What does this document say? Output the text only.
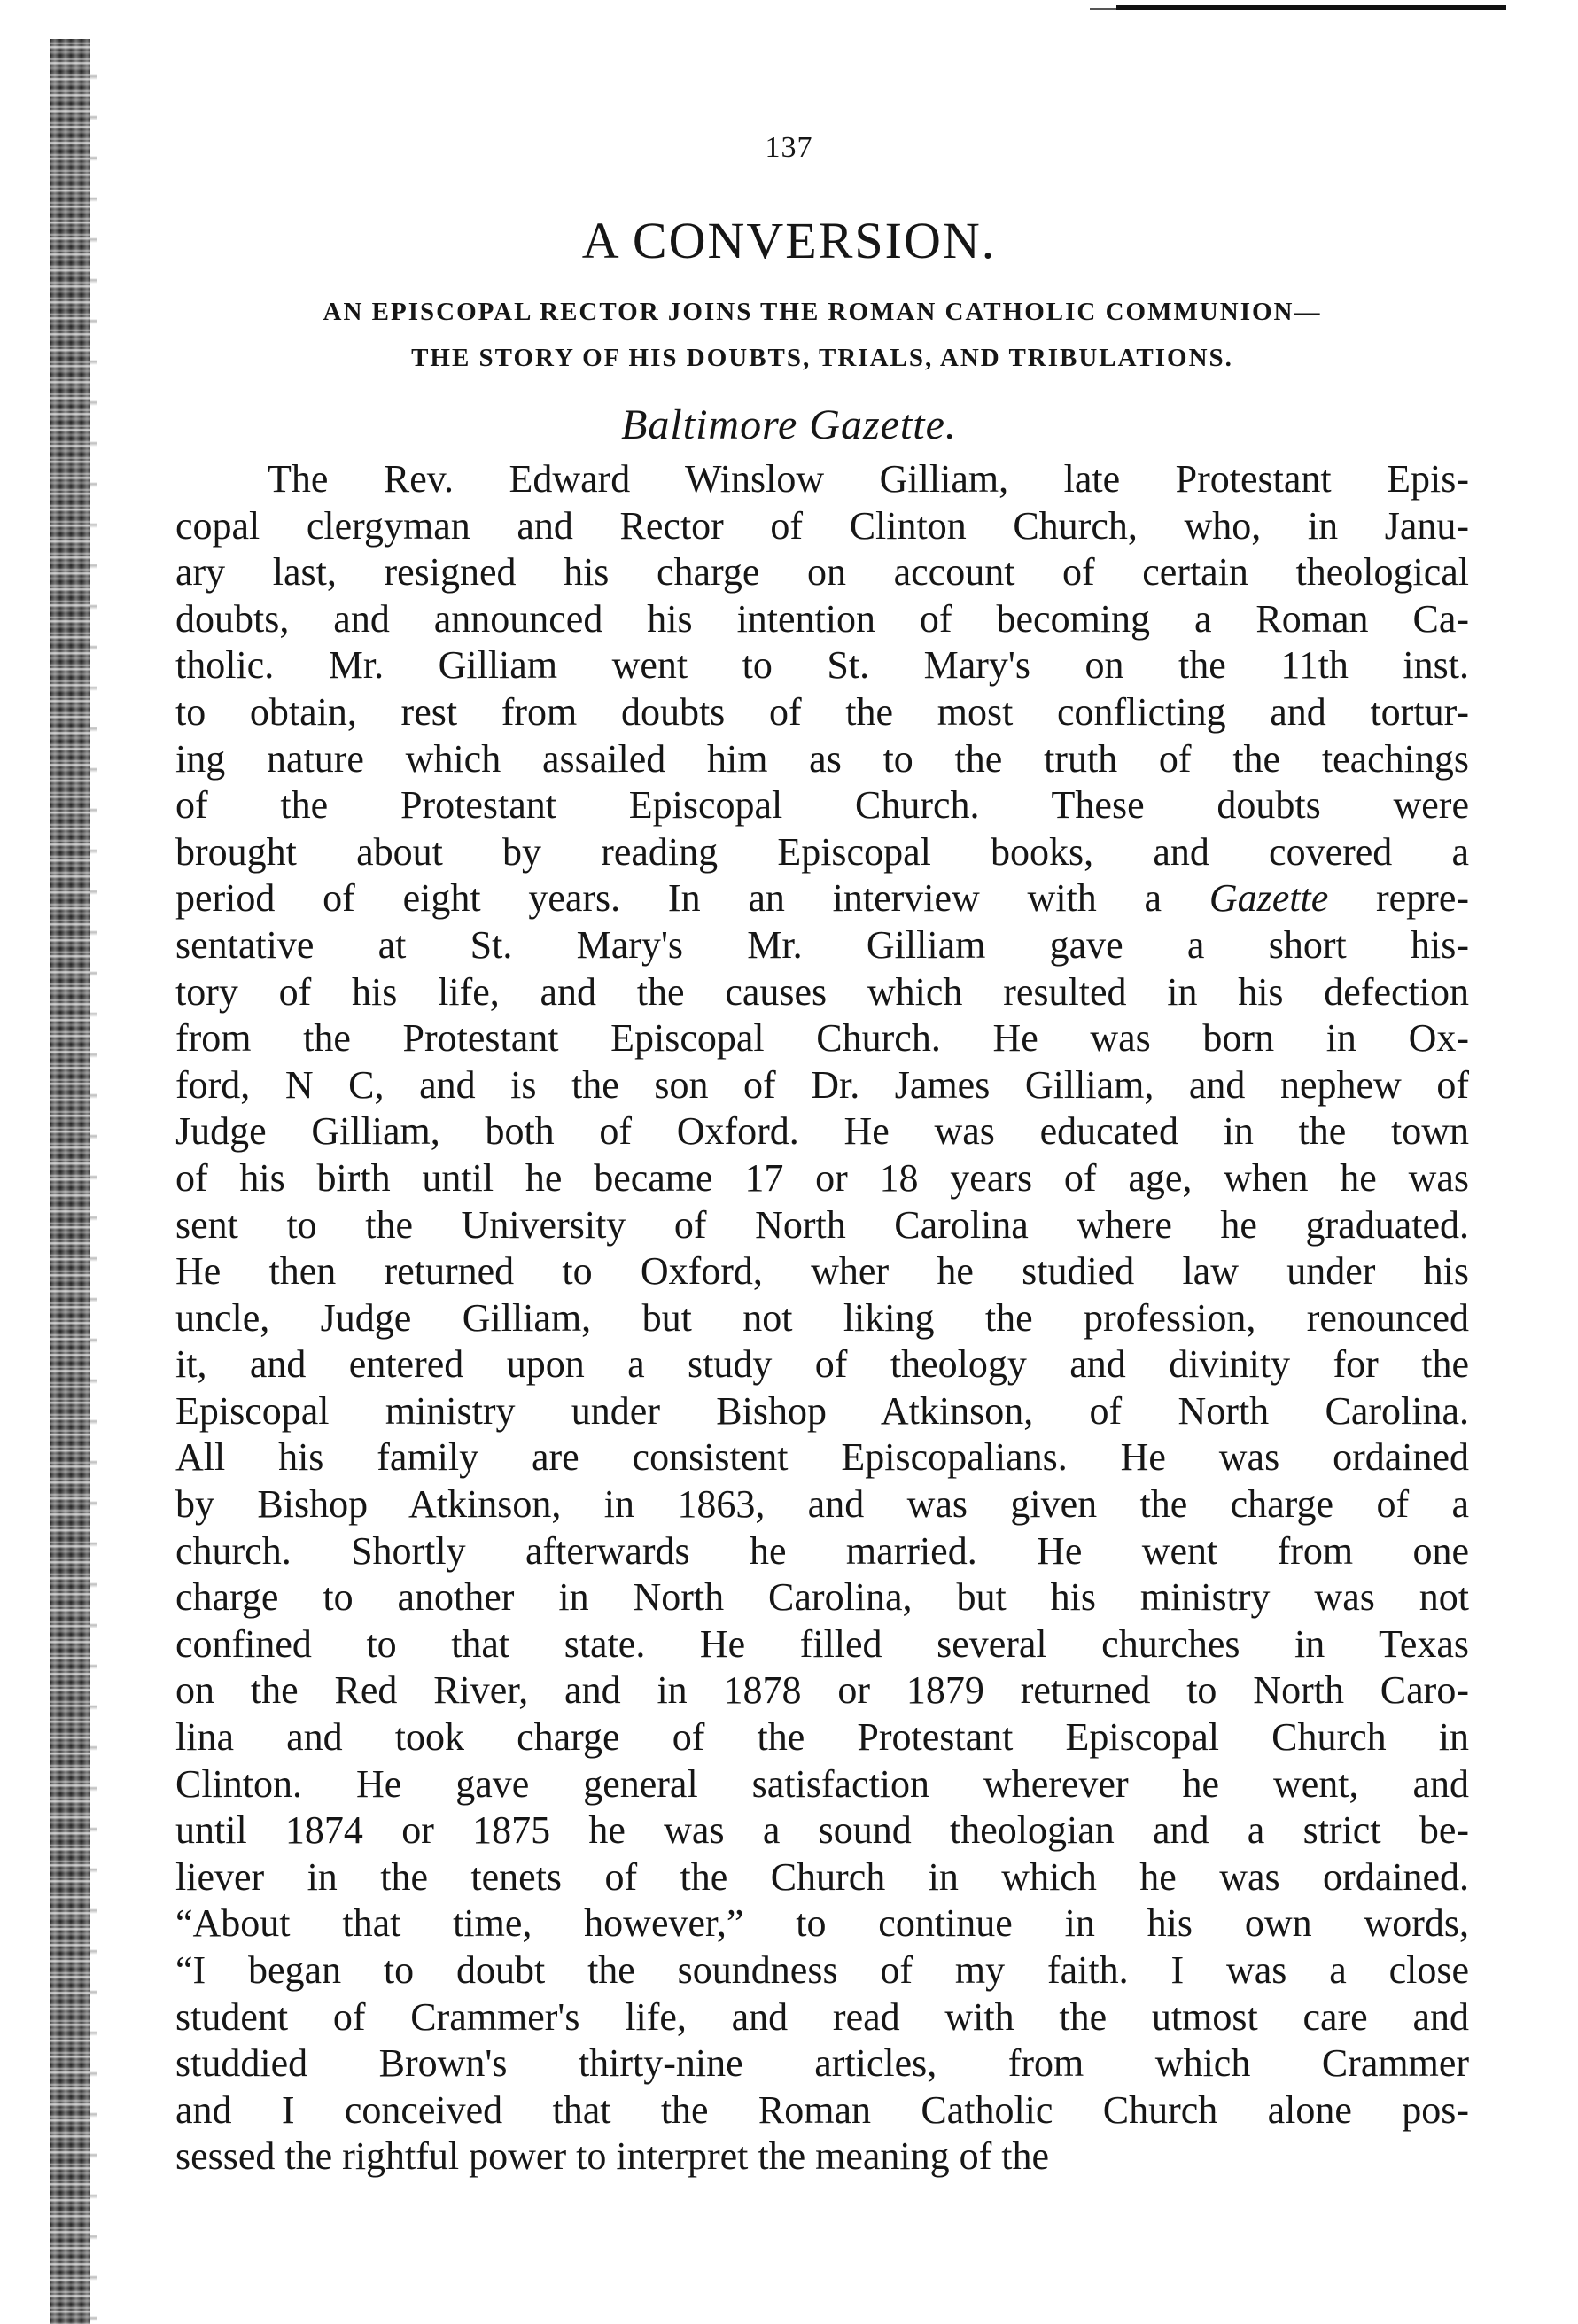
137
A CONVERSION.
AN EPISCOPAL RECTOR JOINS THE ROMAN CATHOLIC COMMUNION—
THE STORY OF HIS DOUBTS, TRIALS, AND TRIBULATIONS.
Baltimore Gazette.
The Rev. Edward Winslow Gilliam, late Protestant Epis-
copal clergyman and Rector of Clinton Church, who, in Janu-
ary last, resigned his charge on account of certain theological
doubts, and announced his intention of becoming a Roman Ca-
tholic. Mr. Gilliam went to St. Mary's on the 11th inst.
to obtain, rest from doubts of the most conflicting and tortur-
ing nature which assailed him as to the truth of the teachings
of the Protestant Episcopal Church. These doubts were
brought about by reading Episcopal books, and covered a
period of eight years. In an interview with a Gazette repre-
sentative at St. Mary's Mr. Gilliam gave a short his-
tory of his life, and the causes which resulted in his defection
from the Protestant Episcopal Church. He was born in Ox-
ford, N C, and is the son of Dr. James Gilliam, and nephew of
Judge Gilliam, both of Oxford. He was educated in the town
of his birth until he became 17 or 18 years of age, when he was
sent to the University of North Carolina where he graduated.
He then returned to Oxford, wher he studied law under his
uncle, Judge Gilliam, but not liking the profession, renounced
it, and entered upon a study of theology and divinity for the
Episcopal ministry under Bishop Atkinson, of North Carolina.
All his family are consistent Episcopalians. He was ordained
by Bishop Atkinson, in 1863, and was given the charge of a
church. Shortly afterwards he married. He went from one
charge to another in North Carolina, but his ministry was not
confined to that state. He filled several churches in Texas
on the Red River, and in 1878 or 1879 returned to North Caro-
lina and took charge of the Protestant Episcopal Church in
Clinton. He gave general satisfaction wherever he went, and
until 1874 or 1875 he was a sound theologian and a strict be-
liever in the tenets of the Church in which he was ordained.
“About that time, however,” to continue in his own words,
“I began to doubt the soundness of my faith. I was a close
student of Crammer's life, and read with the utmost care and
studdied Brown's thirty-nine articles, from which Crammer
and I conceived that the Roman Catholic Church alone pos-
sessed the rightful power to interpret the meaning of the
